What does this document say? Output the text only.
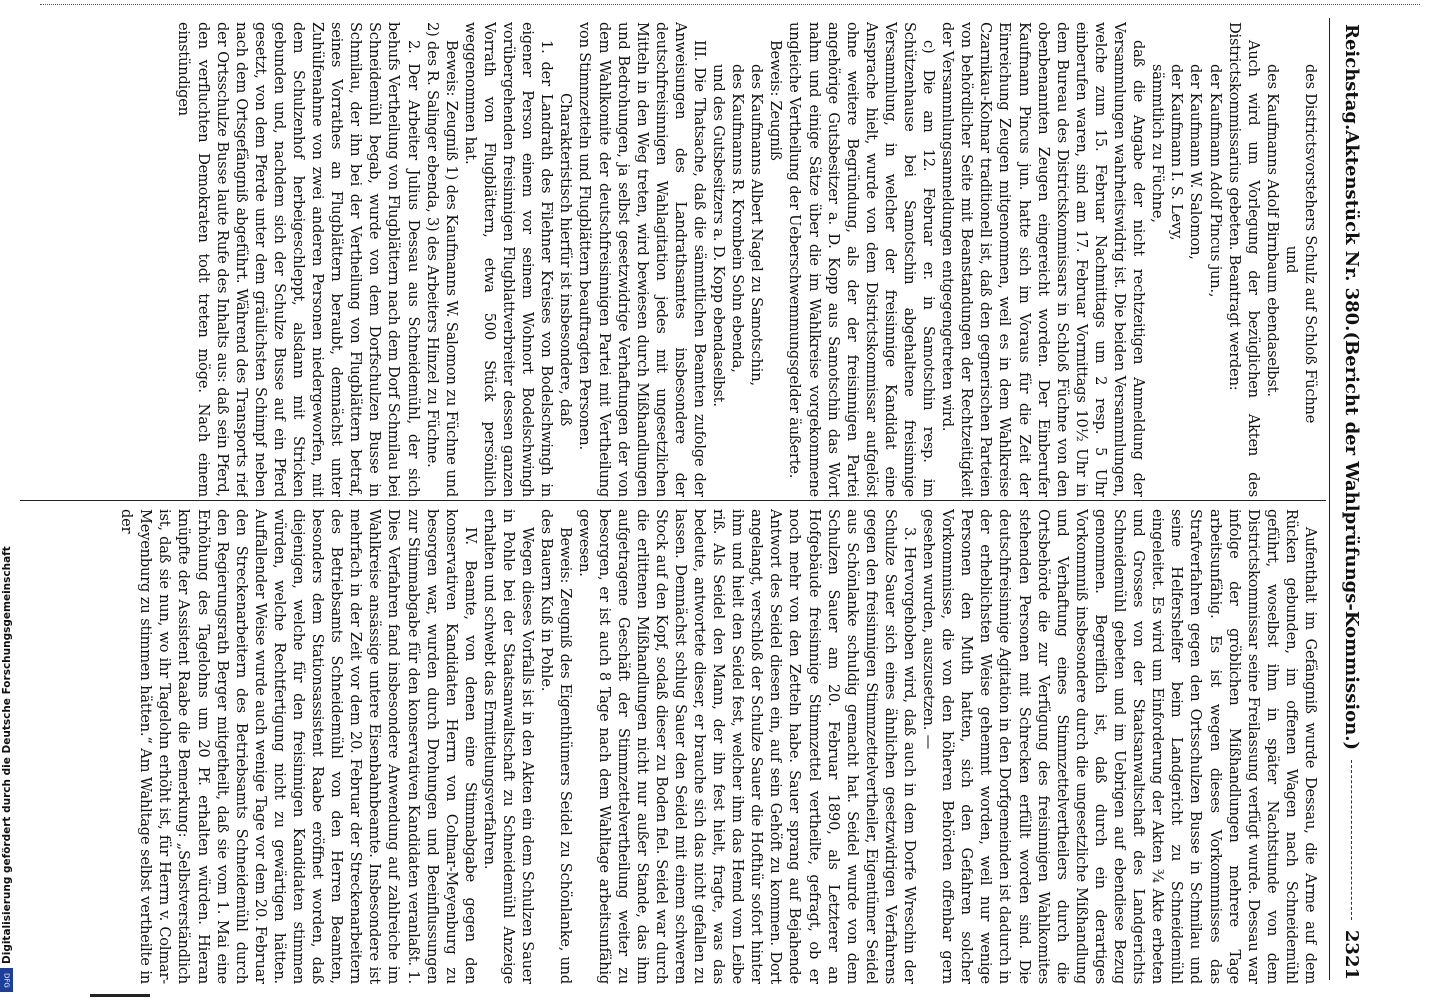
Digitalisierung gefördert durch die Deutsche Forschungsgemeinschaft
DFG
Reichstag.
Aktenstück Nr. 380.
(Bericht der Wahlprüfungs-Kommission.)
2321

des Districtsvorstehers Schulz auf Schloß Füchne

und

des Kaufmanns Adolf Birnbaum ebendaselbst.

Auch wird um Vorlegung der bezüglichen Akten des Districtskommissarius gebeten. Beantragt werden:

der Kaufmann Adolf Pincus jun.,

der Kaufmann W. Salomon,

der Kaufmann I. S. Levy,

sämmtlich zu Füchne,

daß die Angabe der nicht rechtzeitigen Anmeldung der Versammlungen wahrheitswidrig ist. Die beiden Versammlungen, welche zum 15. Februar Nachmittags um 2 resp. 5 Uhr einberufen waren, sind am 17. Februar Vormittags 10½ Uhr in dem Bureau des Districtskommissars in Schloß Füchne von den obenbenannten Zeugen eingereicht worden. Der Einberufer Kaufmann Pincus jun. hatte sich im Voraus für die Zeit der Einreichung Zeugen mitgenommen, weil es in dem Wahlkreise Czarnikau-Kolmar traditionell ist, daß den gegnerischen Parteien von behördlicher Seite mit Beanstandungen der Rechtzeitigkeit der Versammlungsanmeldungen entgegengetreten wird.

c) Die am 12. Februar er. in Samotschin resp. im Schützenhause bei Samotschin abgehaltene freisinnige Versammlung, in welcher der freisinnige Kandidat eine Ansprache hielt, wurde von dem Districtskommissar aufgelöst ohne weitere Begründung, als der der freisinnigen Partei angehörige Gutsbesitzer a. D. Kopp aus Samotschin das Wort nahm und einige Sätze über die im Wahlkreise vorgekommene ungleiche Vertheilung der Ueberschwemmungsgelder äußerte.

Beweis: Zeugniß

des Kaufmanns Albert Nagel zu Samotschin,

des Kaufmanns R. Krombein Sohn ebenda,

und des Gutsbesitzers a. D. Kopp ebendaselbst.

III. Die Thatsache, daß die sämmtlichen Beamten zufolge der Anweisungen des Landrathsamtes insbesondere der deutschfreisinnigen Wahlagitation jedes mit ungesetzlichen Mitteln in den Weg treten, wird bewiesen durch Mißhandlungen und Bedrohungen, ja selbst gesetzwidrige Verhaftungen der von dem Wahlkomite der deutschfreisinnigen Partei mit Vertheilung von Stimmzetteln und Flugblättern beauftragten Personen.

Charakteristisch hierfür ist insbesondere, daß

1. der Landrath des Filehner Kreises von Bodelschwingh in eigener Person einem vor seinem Wohnort Bodelschwingh vorübergehenden freisinnigen Flugblattverbreiter dessen ganzen Vorrath von Flugblättern, etwa 500 Stück persönlich weggenommen hat.

Beweis: Zeugniß 1) des Kaufmanns W. Salomon zu Füchne und 2) des R. Salinger ebenda, 3) des Arbeiters Hinzel zu Füchne.

2. Der Arbeiter Julius Dessau aus Schneidemühl, der sich behufs Vertheilung von Flugblättern nach dem Dorf Schmilau bei Schneidemühl begab, wurde von dem Dorfschulzen Busse in Schmilau, der ihn bei der Vertheilung von Flugblättern betraf, seines Vorrathes an Flugblättern beraubt, demnächst unter Zuhülfenahme von zwei anderen Personen niedergeworfen, mit dem Schulzenhof herbeigeschleppt, alsdann mit Stricken gebunden und, nachdem sich der Schulze Busse auf ein Pferd gesetzt, von dem Pferde unter dem gräulichsten Schimpf neben nach dem Ortsgefängniß abgeführt. Während des Transports rief der Ortsschulze Busse laute Rufe des Inhalts aus: daß sein Pferd, den verfluchten Demokraten todt treten möge. Nach einem einstündigen

Aufenthalt im Gefängniß wurde Dessau, die Arme auf dem Rücken gebunden, im offenen Wagen nach Schneidemühl geführt, woselbst ihm in später Nachtstunde von dem Districtskommissar seine Freilassung verfügt wurde. Dessau war infolge der gröblichen Mißhandlungen mehrere Tage arbeitsunfähig. Es ist wegen dieses Vorkommnisses das Strafverfahren gegen den Ortsschulzen Busse in Schmilau und seine Helfershelfer beim Landgericht zu Schneidemühl eingeleitet. Es wird um Einforderung der Akten ¾ Akte erbeten und Grosses von der Staatsanwaltschaft des Landgerichts Schneidemühl gebeten und im Uebrigen auf ebendiese Bezug genommen. Begreiflich ist, daß durch ein derartiges Vorkommniß insbesondere durch die ungesetzliche Mißhandlung und Verhaftung eines Stimmzettelvertheilers durch die Ortsbehörde die zur Verfügung des freisinnigen Wahlkomites stehenden Personen mit Schrecken erfüllt worden sind. Die deutschfreisinnige Agitation in den Dorfgemeinden ist dadurch in der erheblichsten Weise gehemmt worden, weil nur wenige Personen den Muth hatten, sich den Gefahren solcher Vorkommnisse, die von den höheren Behörden offenbar gern gesehen wurden, auszusetzen. —

3. Hervorgehoben wird, daß auch in dem Dorfe Wreschin der Schulze Sauer sich eines ähnlichen gesetzwidrigen Verfahrens gegen den freisinnigen Stimmzettelvertheiler, Eigentümer Seidel aus Schönlanke schuldig gemacht hat. Seidel wurde von dem Schulzen Sauer am 20. Februar 1890, als Letzterer an Hofgebäude freisinnige Stimmzettel vertheilte, gefragt, ob er noch mehr von den Zetteln habe. Sauer sprang auf Bejahende Antwort des Seidel diesen ein, auf sein Gehöft zu kommen. Dort angelangt, verschloß der Schulze Sauer die Hofthür sofort hinter ihm und hielt den Seidel fest, welcher ihm das Hemd vom Leibe riß. Als Seidel den Mann, der ihn fest hielt, fragte, was das bedeute, antwortete dieser, er brauche sich das nicht gefallen zu lassen. Demnächst schlug Sauer den Seidel mit einem schweren Stock auf den Kopf, sodaß dieser zu Boden fiel. Seidel war durch die erlittenen Mißhandlungen nicht nur außer Stande, das ihm aufgetragene Geschäft der Stimmzettelvertheilung weiter zu besorgen, er ist auch 8 Tage nach dem Wahltage arbeitsunfähig gewesen.

Beweis: Zeugniß des Eigenthümers Seidel zu Schönlanke, und des Bauern Kuß in Pohle.

Wegen dieses Vorfalls ist in den Akten ein dem Schulzen Sauer in Pohle bei der Staatsanwaltschaft zu Schneidemühl Anzeige erhalten und schwebt das Ermittelungsverfahren.

IV. Beamte, von denen eine Stimmabgabe gegen den konservativen Kandidaten Herrn von Colmar-Meyenburg zu besorgen war, wurden durch Drohungen und Beeinflussungen zur Stimmabgabe für den konservativen Kandidaten veranlaßt. 1. Dies Verfahren fand insbesondere Anwendung auf zahlreiche im Wahlkreise ansässige untere Eisenbahnbeamte. Insbesondere ist mehrfach in der Zeit vor dem 20. Februar der Streckenarbeitern des Betriebsamts Schneidemühl von den Herren Beamten, besonders dem Stationsassistent Raabe eröffnet worden, daß diejenigen, welche für den freisinnigen Kandidaten stimmen würden, welche Rechtfertigung nicht zu gewärtigen hätten. Auffallender Weise wurde auch wenige Tage vor dem 20. Februar den Streckenarbeitern des Betriebsamts Schneidemühl durch den Regierungsrath Berger mitgetheilt, daß sie vom 1. Mai eine Erhöhung des Tagelohns um 20 Pf. erhalten würden. Hieran knüpfte der Assistent Raabe die Bemerkung: „Selbstverständlich ist, daß sie nun, wo ihr Tagelohn erhöht ist, für Herrn v. Colmar-Meyenburg zu stimmen hätten.“ Am Wahltage selbst vertheilte in der
